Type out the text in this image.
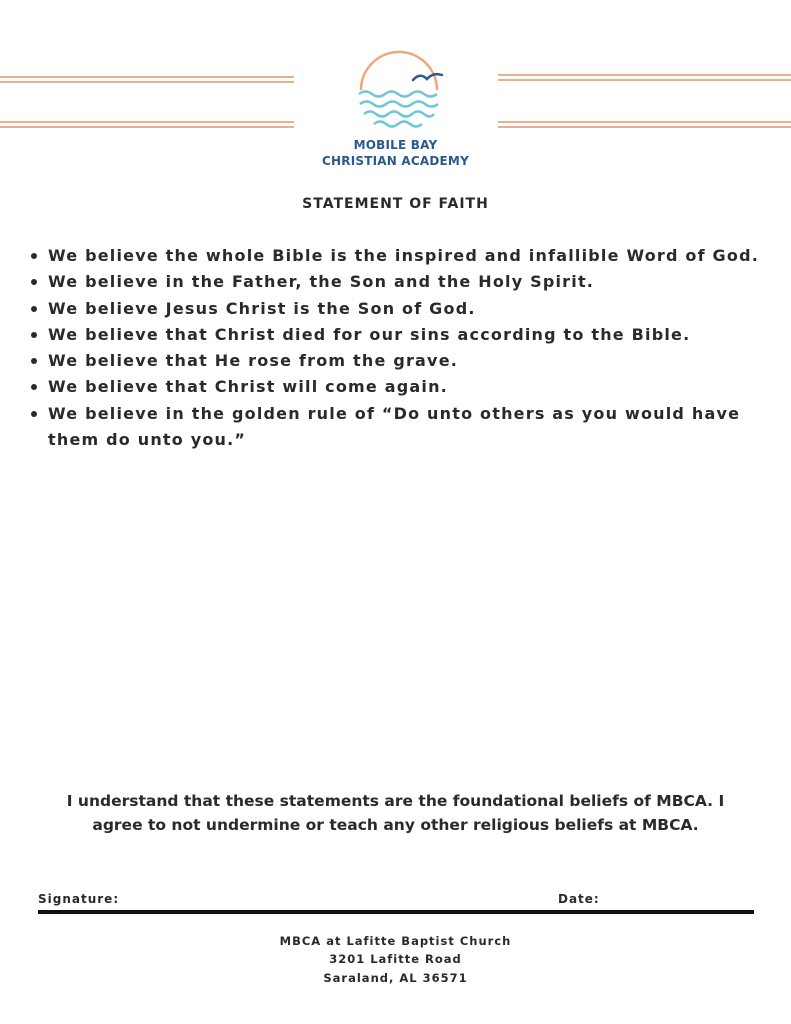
MOBILE BAY
CHRISTIAN ACADEMY
STATEMENT OF FAITH
We believe the whole Bible is the inspired and infallible Word of God.
We believe in the Father, the Son and the Holy Spirit.
We believe Jesus Christ is the Son of God.
We believe that Christ died for our sins according to the Bible.
We believe that He rose from the grave.
We believe that Christ will come again.
We believe in the golden rule of “Do unto others as you would have them do unto you.”
I understand that these statements are the foundational beliefs of MBCA. I agree to not undermine or teach any other religious beliefs at MBCA.
Signature:	Date:
MBCA at Lafitte Baptist Church
3201 Lafitte Road
Saraland, AL 36571
